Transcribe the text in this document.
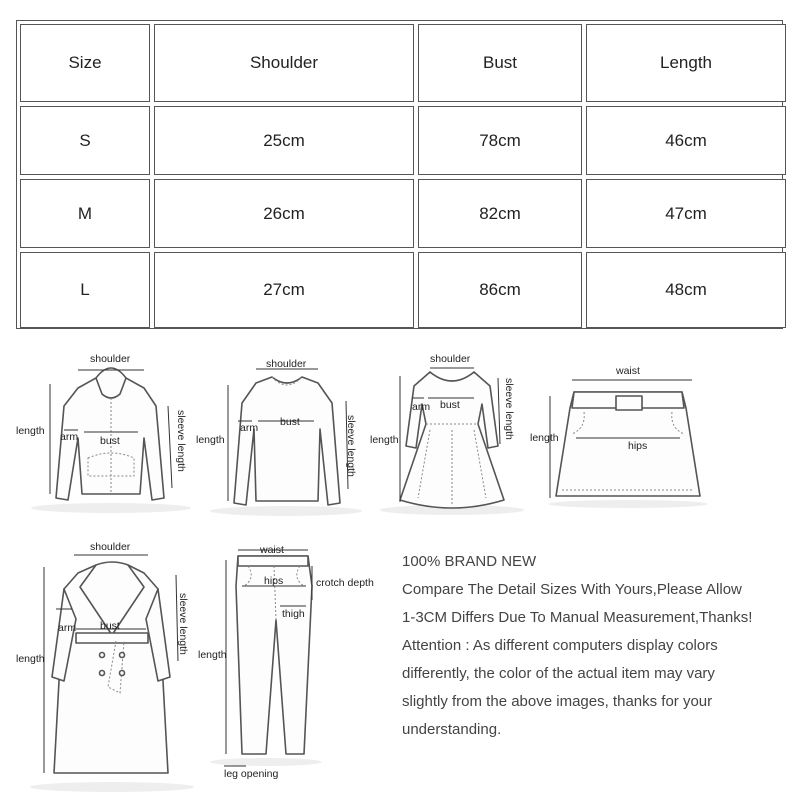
Size	Shoulder	Bust	Length
S	25cm	78cm	46cm
M	26cm	82cm	47cm
L	27cm	86cm	48cm
shoulder
length arm bust	sleeve length
shoulder
length
arm bust	sleeve length
shoulder
length
arm bust	sleeve length
waist
length
hips
shoulder
length
arm bust	sleeve length
waist
hips	crotch depth
thigh
length
leg opening

100% BRAND NEW

Compare The Detail Sizes With Yours,Please Allow

1-3CM Differs Due To Manual Measurement,Thanks!

Attention : As different computers display colors

differently, the color of the actual item may vary

slightly from the above images, thanks for your

understanding.
